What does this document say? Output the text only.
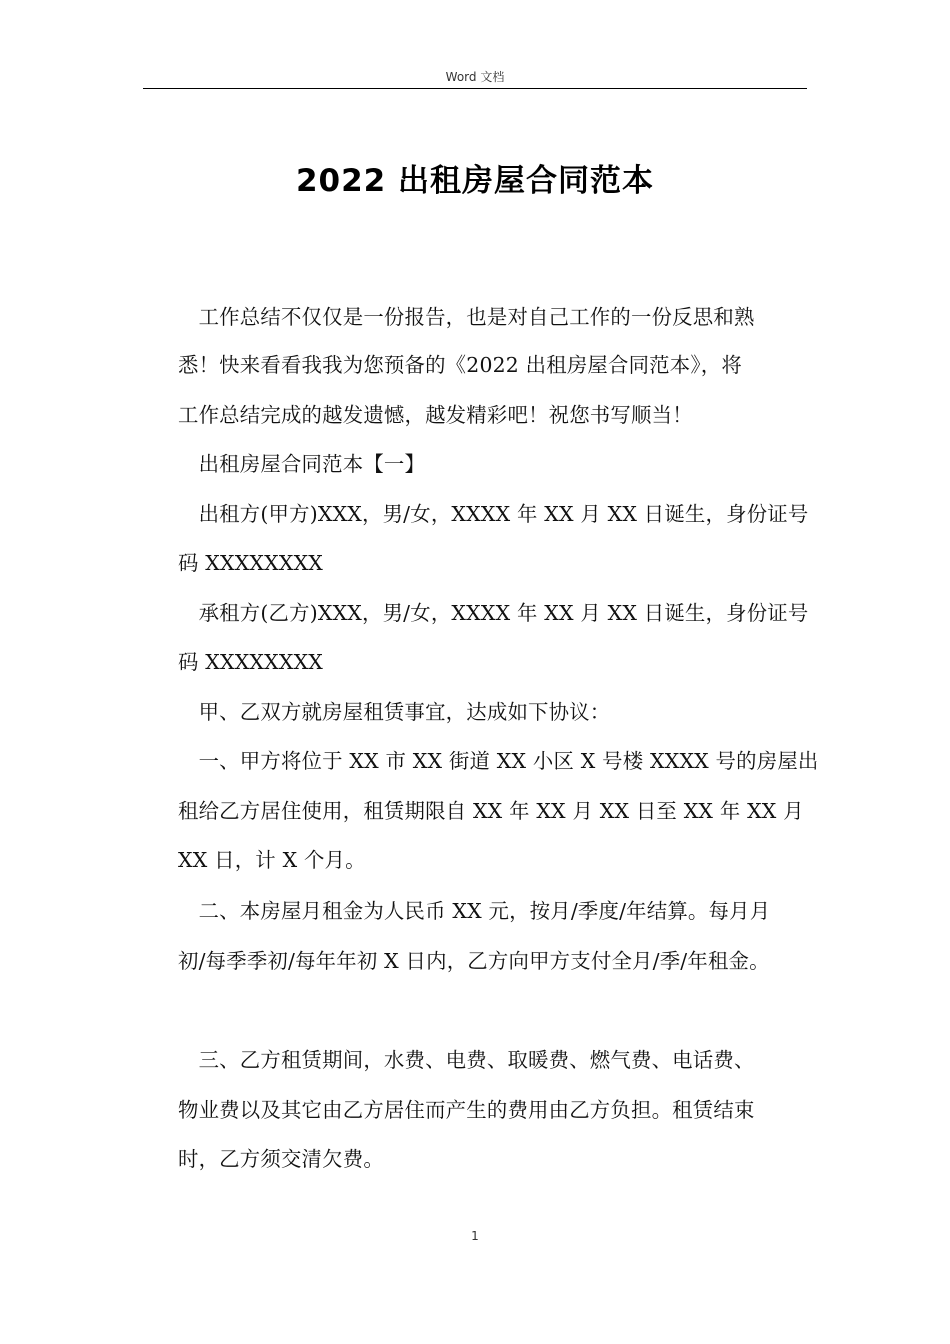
Word 文档
2022 出租房屋合同范本
　工作总结不仅仅是一份报告，也是对自己工作的一份反思和熟
悉！快来看看我我为您预备的《2022 出租房屋合同范本》，将
工作总结完成的越发遗憾，越发精彩吧！祝您书写顺当！
　出租房屋合同范本【一】
　出租方(甲方)XXX，男/女，XXXX 年 XX 月 XX 日诞生，身份证号
码 XXXXXXXX
　承租方(乙方)XXX，男/女，XXXX 年 XX 月 XX 日诞生，身份证号
码 XXXXXXXX
　甲、乙双方就房屋租赁事宜，达成如下协议：
　一、甲方将位于 XX 市 XX 街道 XX 小区 X 号楼 XXXX 号的房屋出
租给乙方居住使用，租赁期限自 XX 年 XX 月 XX 日至 XX 年 XX 月
XX 日，计 X 个月。
　二、本房屋月租金为人民币 XX 元，按月/季度/年结算。每月月
初/每季季初/每年年初 X 日内，乙方向甲方支付全月/季/年租金。
　三、乙方租赁期间，水费、电费、取暖费、燃气费、电话费、
物业费以及其它由乙方居住而产生的费用由乙方负担。租赁结束
时，乙方须交清欠费。
1
